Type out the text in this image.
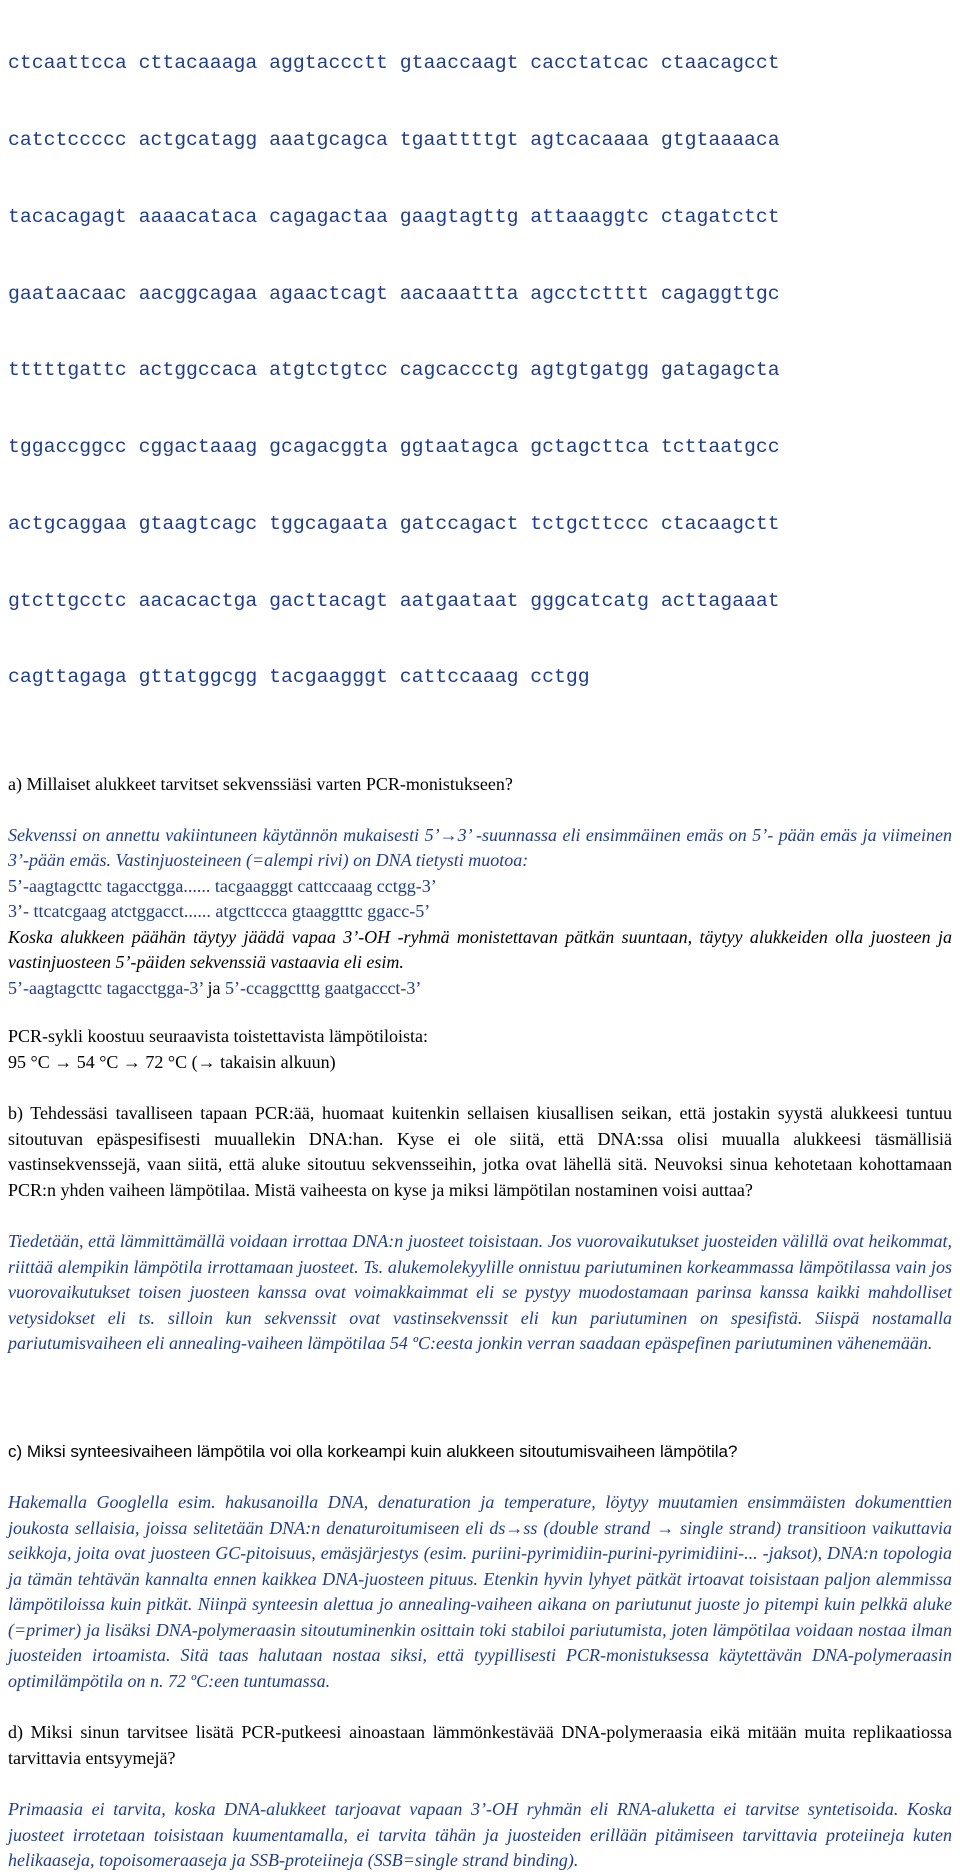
ctcaattcca cttacaaaga aggtaccctt gtaaccaagt cacctatcac ctaacagcct

catctccccc actgcatagg aaatgcagca tgaattttgt agtcacaaaa gtgtaaaaca

tacacagagt aaaacataca cagagactaa gaagtagttg attaaaggtc ctagatctct

gaataacaac aacggcagaa agaactcagt aacaaattta agcctctttt cagaggttgc

tttttgattc actggccaca atgtctgtcc cagcaccctg agtgtgatgg gatagagcta

tggaccggcc cggactaaag gcagacggta ggtaatagca gctagcttca tcttaatgcc

actgcaggaa gtaagtcagc tggcagaata gatccagact tctgcttccc ctacaagctt

gtcttgcctc aacacactga gacttacagt aatgaataat gggcatcatg acttagaaat

cagttagaga gttatggcgg tacgaagggt cattccaaag cctgg

a) Millaiset alukkeet tarvitset sekvenssiäsi varten PCR-monistukseen?

Sekvenssi on annettu vakiintuneen käytännön mukaisesti 5’→3’ -suunnassa eli ensimmäinen emäs on 5’- pään emäs ja viimeinen 3’-pään emäs. Vastinjuosteineen (=alempi rivi) on DNA tietysti muotoa:

5’-aagtagcttc tagacctgga...... tacgaagggt cattccaaag cctgg-3’

3’- ttcatcgaag atctggacct...... atgcttccca gtaaggtttc ggacc-5’

Koska alukkeen päähän täytyy jäädä vapaa 3’-OH -ryhmä monistettavan pätkän suuntaan, täytyy alukkeiden olla juosteen ja vastinjuosteen 5’-päiden sekvenssiä vastaavia eli esim.

5’-aagtagcttc tagacctgga-3’ ja 5’-ccaggctttg gaatgaccct-3’

PCR-sykli koostuu seuraavista toistettavista lämpötiloista:

95 °C → 54 °C → 72 °C (→ takaisin alkuun)

b) Tehdessäsi tavalliseen tapaan PCR:ää, huomaat kuitenkin sellaisen kiusallisen seikan, että jostakin syystä alukkeesi tuntuu sitoutuvan epäspesifisesti muuallekin DNA:han. Kyse ei ole siitä, että DNA:ssa olisi muualla alukkeesi täsmällisiä vastinsekvenssejä, vaan siitä, että aluke sitoutuu sekvensseihin, jotka ovat lähellä sitä. Neuvoksi sinua kehotetaan kohottamaan PCR:n yhden vaiheen lämpötilaa. Mistä vaiheesta on kyse ja miksi lämpötilan nostaminen voisi auttaa?

Tiedetään, että lämmittämällä voidaan irrottaa DNA:n juosteet toisistaan. Jos vuorovaikutukset juosteiden välillä ovat heikommat, riittää alempikin lämpötila irrottamaan juosteet. Ts. alukemolekyylille onnistuu pariutuminen korkeammassa lämpötilassa vain jos vuorovaikutukset toisen juosteen kanssa ovat voimakkaimmat eli se pystyy muodostamaan parinsa kanssa kaikki mahdolliset vetysidokset eli ts. silloin kun sekvenssit ovat vastinsekvenssit eli kun pariutuminen on spesifistä. Siispä nostamalla pariutumisvaiheen eli annealing-vaiheen lämpötilaa 54 ºC:eesta jonkin verran saadaan epäspefinen pariutuminen vähenemään.

c) Miksi synteesivaiheen lämpötila voi olla korkeampi kuin alukkeen sitoutumisvaiheen lämpötila?

Hakemalla Googlella esim. hakusanoilla DNA, denaturation ja temperature, löytyy muutamien ensimmäisten dokumenttien joukosta sellaisia, joissa selitetään DNA:n denaturoitumiseen eli ds→ss (double strand → single strand) transitioon vaikuttavia seikkoja, joita ovat juosteen GC-pitoisuus, emäsjärjestys (esim. puriini-pyrimidiin-purini-pyrimidiini-... -jaksot), DNA:n topologia ja tämän tehtävän kannalta ennen kaikkea DNA-juosteen pituus. Etenkin hyvin lyhyet pätkät irtoavat toisistaan paljon alemmissa lämpötiloissa kuin pitkät. Niinpä synteesin alettua jo annealing-vaiheen aikana on pariutunut juoste jo pitempi kuin pelkkä aluke (=primer) ja lisäksi DNA-polymeraasin sitoutuminenkin osittain toki stabiloi pariutumista, joten lämpötilaa voidaan nostaa ilman juosteiden irtoamista. Sitä taas halutaan nostaa siksi, että tyypillisesti PCR-monistuksessa käytettävän DNA-polymeraasin optimilämpötila on n. 72 ºC:een tuntumassa.

d) Miksi sinun tarvitsee lisätä PCR-putkeesi ainoastaan lämmönkestävää DNA-polymeraasia eikä mitään muita replikaatiossa tarvittavia entsyymejä?

Primaasia ei tarvita, koska DNA-alukkeet tarjoavat vapaan 3’-OH ryhmän eli RNA-aluketta ei tarvitse syntetisoida. Koska juosteet irrotetaan toisistaan kuumentamalla, ei tarvita tähän ja juosteiden erillään pitämiseen tarvittavia proteiineja kuten helikaaseja, topoisomeraaseja ja SSB-proteiineja (SSB=single strand binding).
